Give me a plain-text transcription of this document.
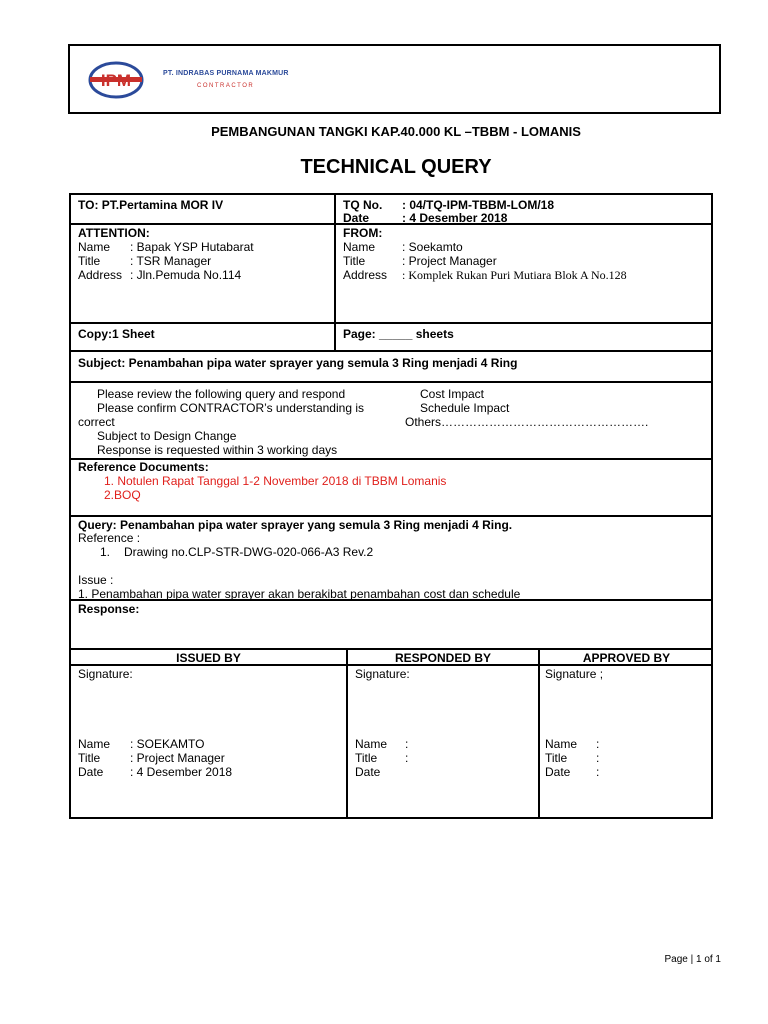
IPM	PT. INDRABAS PURNAMA MAKMUR
CONTRACTOR
PEMBANGUNAN TANGKI KAP.40.000 KL –TBBM - LOMANIS
TECHNICAL QUERY
TO: PT.Pertamina MOR IV	TQ No. : 04/TQ-IPM-TBBM-LOM/18
Date	: 4 Desember 2018
ATTENTION:
Name : Bapak YSP Hutabarat
Title : TSR Manager
Address : Jln.Pemuda No.114
FROM:
Name : Soekamto
Title	: Project Manager
Address : Komplek Rukan Puri Mutiara Blok A No.128
Copy:1 Sheet	Page: _____ sheets
Subject: Penambahan pipa water sprayer yang semula 3 Ring menjadi 4 Ring
Please review the following query and respond
Please confirm CONTRACTOR’s understanding is
correct
Subject to Design Change
Response is requested within 3 working days
Cost Impact
Schedule Impact
Others…………………………………………….
Reference Documents:
1. Notulen Rapat Tanggal 1-2 November 2018 di TBBM Lomanis
2.BOQ
Query: Penambahan pipa water sprayer yang semula 3 Ring menjadi 4 Ring.
Reference :
1. Drawing no.CLP-STR-DWG-020-066-A3 Rev.2
Issue :
1. Penambahan pipa water sprayer akan berakibat penambahan cost dan schedule
Response:
ISSUED BY	RESPONDED BY	APPROVED BY
Signature:
Name : SOEKAMTO
Title : Project Manager
Date : 4 Desember 2018
Signature:
Name :
Title :
Date
Signature ;
Name :
Title :
Date :
Page | 1 of 1
